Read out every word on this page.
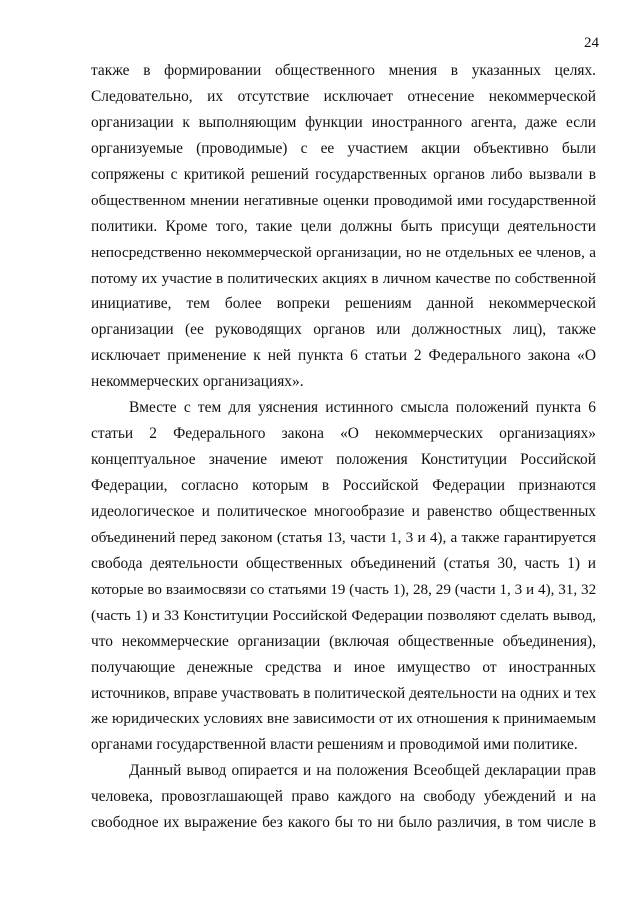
24
также в формировании общественного мнения в указанных целях.
Следовательно, их отсутствие исключает отнесение некоммерческой
организации к выполняющим функции иностранного агента, даже если
организуемые (проводимые) с ее участием акции объективно были
сопряжены с критикой решений государственных органов либо вызвали в
общественном мнении негативные оценки проводимой ими государственной
политики. Кроме того, такие цели должны быть присущи деятельности
непосредственно некоммерческой организации, но не отдельных ее членов, а
потому их участие в политических акциях в личном качестве по собственной
инициативе, тем более вопреки решениям данной некоммерческой
организации (ее руководящих органов или должностных лиц), также
исключает применение к ней пункта 6 статьи 2 Федерального закона «О
некоммерческих организациях».
Вместе с тем для уяснения истинного смысла положений пункта 6
статьи 2 Федерального закона «О некоммерческих организациях»
концептуальное значение имеют положения Конституции Российской
Федерации, согласно которым в Российской Федерации признаются
идеологическое и политическое многообразие и равенство общественных
объединений перед законом (статья 13, части 1, 3 и 4), а также гарантируется
свобода деятельности общественных объединений (статья 30, часть 1) и
которые во взаимосвязи со статьями 19 (часть 1), 28, 29 (части 1, 3 и 4), 31, 32
(часть 1) и 33 Конституции Российской Федерации позволяют сделать вывод,
что некоммерческие организации (включая общественные объединения),
получающие денежные средства и иное имущество от иностранных
источников, вправе участвовать в политической деятельности на одних и тех
же юридических условиях вне зависимости от их отношения к принимаемым
органами государственной власти решениям и проводимой ими политике.
Данный вывод опирается и на положения Всеобщей декларации прав
человека, провозглашающей право каждого на свободу убеждений и на
свободное их выражение без какого бы то ни было различия, в том числе в
